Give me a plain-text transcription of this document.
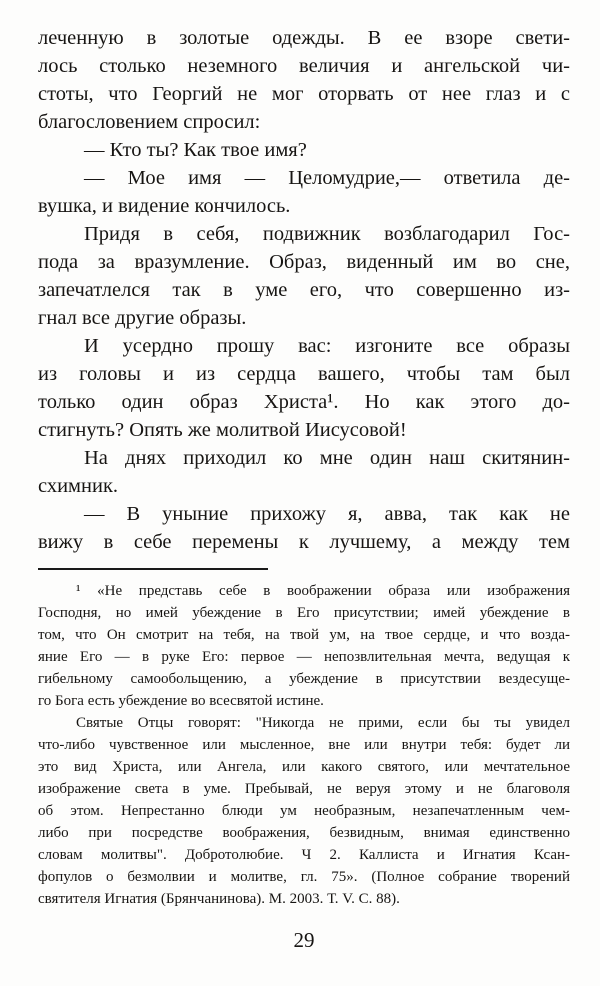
леченную в золотые одежды. В ее взоре свети-
лось столько неземного величия и ангельской чи-
стоты, что Георгий не мог оторвать от нее глаз и с
благословением спросил:
— Кто ты? Как твое имя?
— Мое имя — Целомудрие,— ответила де-
вушка, и видение кончилось.
Придя в себя, подвижник возблагодарил Гос-
пода за вразумление. Образ, виденный им во сне,
запечатлелся так в уме его, что совершенно из-
гнал все другие образы.
И усердно прошу вас: изгоните все образы
из головы и из сердца вашего, чтобы там был
только один образ Христа¹. Но как этого до-
стигнуть? Опять же молитвой Иисусовой!
На днях приходил ко мне один наш скитянин-
схимник.
— В уныние прихожу я, авва, так как не
вижу в себе перемены к лучшему, а между тем
¹ «Не представь себе в воображении образа или изображения
Господня, но имей убеждение в Его присутствии; имей убеждение в
том, что Он смотрит на тебя, на твой ум, на твое сердце, и что возда-
яние Его — в руке Его: первое — непозвлительная мечта, ведущая к
гибельному самообольщению, а убеждение в присутствии вездесуще-
го Бога есть убеждение во всесвятой истине.
Святые Отцы говорят: "Никогда не прими, если бы ты увидел
что-либо чувственное или мысленное, вне или внутри тебя: будет ли
это вид Христа, или Ангела, или какого святого, или мечтательное
изображение света в уме. Пребывай, не веруя этому и не благоволя
об этом. Непрестанно блюди ум необразным, незапечатленным чем-
либо при посредстве воображения, безвидным, внимая единственно
словам молитвы". Добротолюбие. Ч 2. Каллиста и Игнатия Ксан-
фопулов о безмолвии и молитве, гл. 75». (Полное собрание творений
святителя Игнатия (Брянчанинова). М. 2003. Т. V. С. 88).
29
